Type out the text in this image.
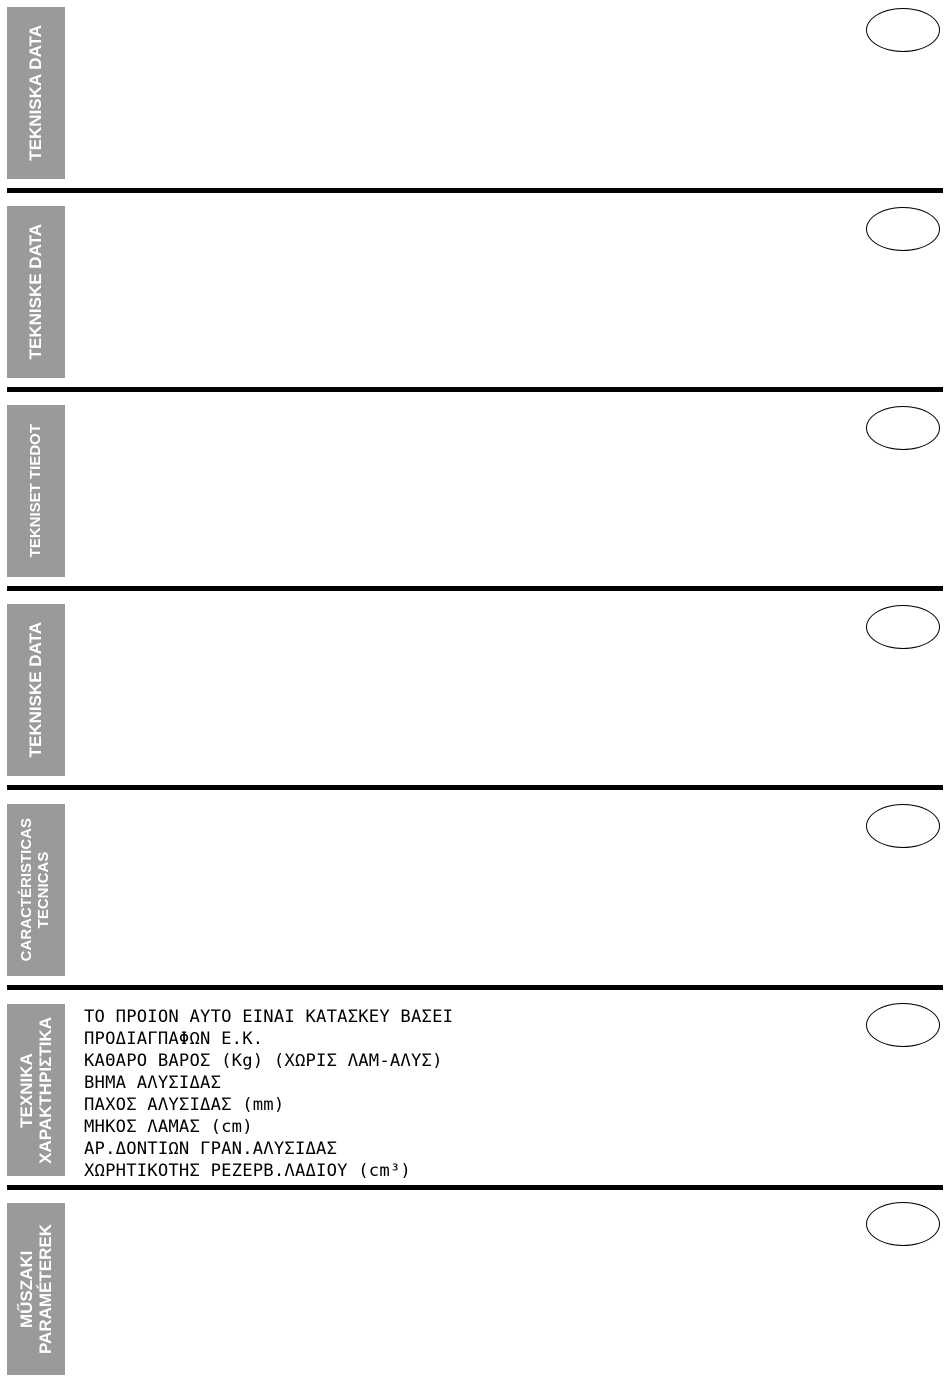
TEKNISKA DATA
TEKNISKE DATA
TEKNISET TIEDOT
TEKNISKE DATA
CARACTÉRISTICAS
TECNICAS
TEXNIKA
XAPAKTHPIΣTIKA ΤΟ ΠΡΟΙΟΝ ΑΥΤΟ ΕΙΝΑΙ ΚΑΤΑΣΚΕΥ ΒΑΣΕΙ
ΠΡΟΔΙΑΓΠΑΦΩΝ Ε.Κ.
ΚΑΘΑΡΟ ΒΑΡΟΣ (Kg) (ΧΩΡΙΣ ΛΑΜ-ΑΛΥΣ)
ΒΗΜΑ ΑΛΥΣΙΔΑΣ
ΠΑΧΟΣ ΑΛΥΣΙΔΑΣ (mm)
ΜΗΚΟΣ ΛΑΜΑΣ (cm)
ΑΡ.ΔΟΝΤΙΩΝ ΓΡΑΝ.ΑΛΥΣΙΔΑΣ
ΧΩΡΗΤΙΚΟΤΗΣ ΡΕΖΕΡΒ.ΛΑΔΙΟΥ (cm³)
MŰSZAKI
PARAMÉTEREK
